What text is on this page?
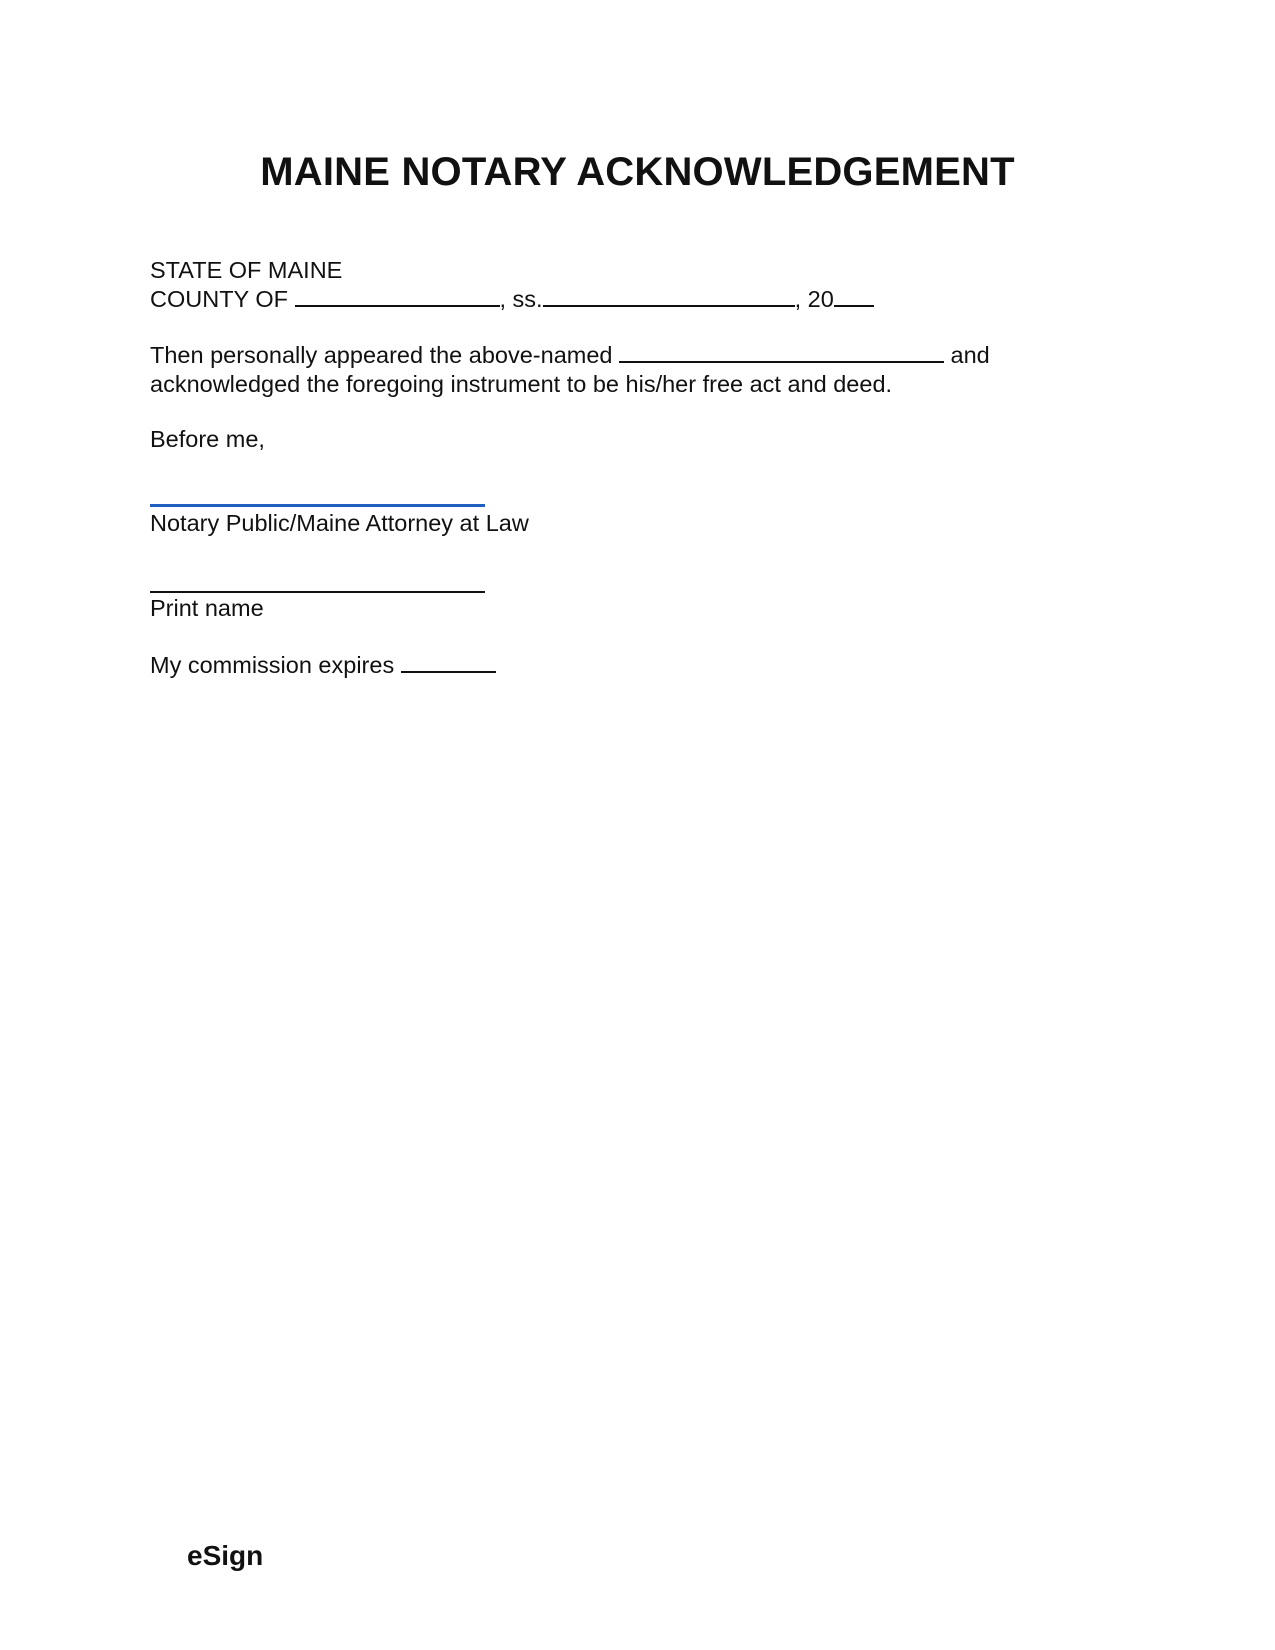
MAINE NOTARY ACKNOWLEDGEMENT
STATE OF MAINE
COUNTY OF	, ss.	, 20
Then personally appeared the above-named	and
acknowledged the foregoing instrument to be his/her free act and deed.
Before me,
Notary Public/Maine Attorney at Law
Print name
My commission expires
eSign
